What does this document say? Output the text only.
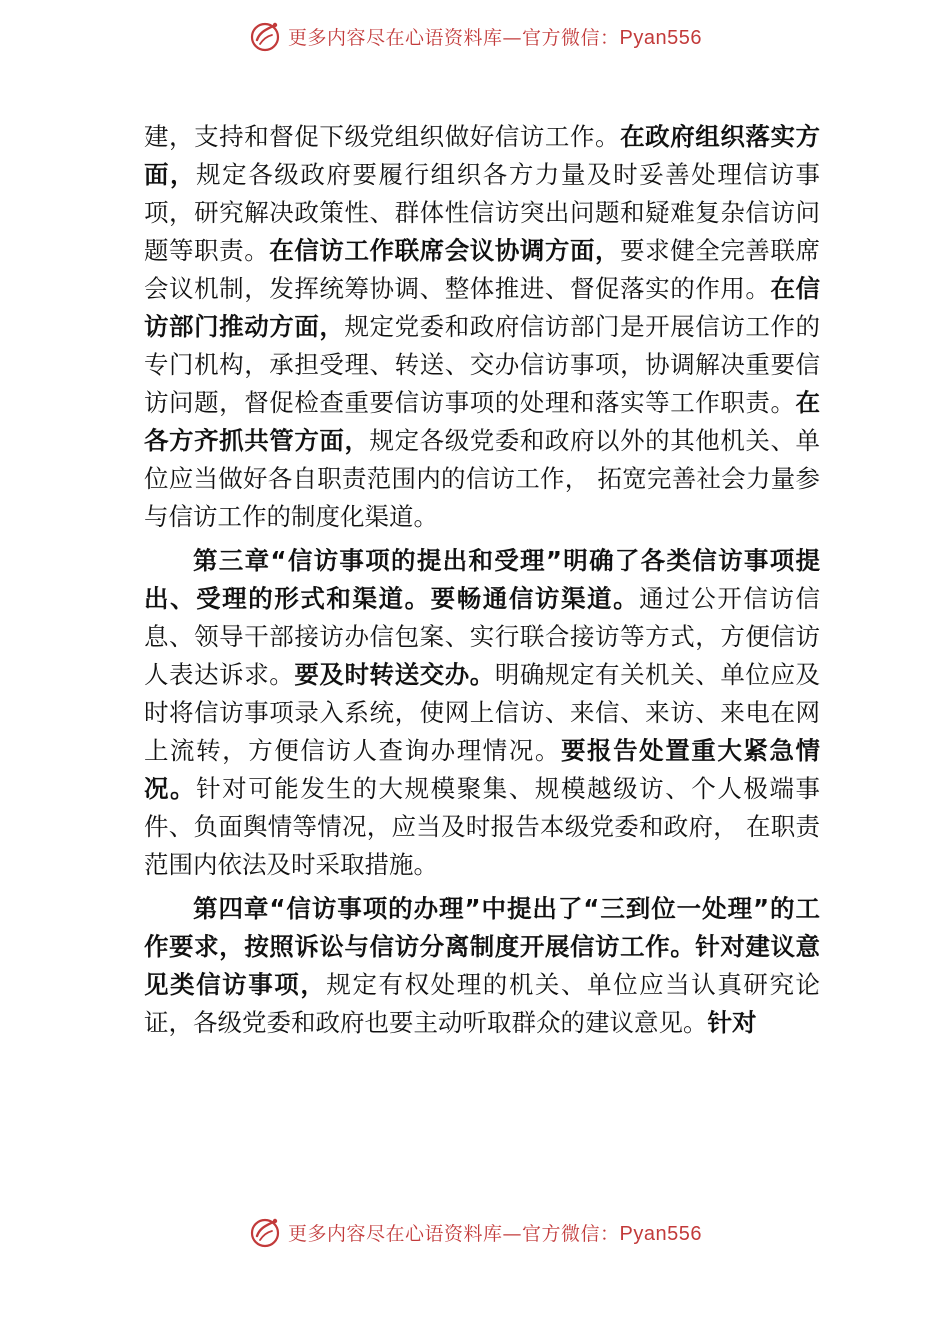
更多内容尽在心语资料库—官方微信：Pyan556

建，支持和督促下级党组织做好信访工作。在政府组织落实方面，规定各级政府要履行组织各方力量及时妥善处理信访事项，研究解决政策性、群体性信访突出问题和疑难复杂信访问题等职责。在信访工作联席会议协调方面，要求健全完善联席会议机制，发挥统筹协调、整体推进、督促落实的作用。在信访部门推动方面，规定党委和政府信访部门是开展信访工作的专门机构，承担受理、转送、交办信访事项，协调解决重要信访问题，督促检查重要信访事项的处理和落实等工作职责。在各方齐抓共管方面，规定各级党委和政府以外的其他机关、单位应当做好各自职责范围内的信访工作， 拓宽完善社会力量参与信访工作的制度化渠道。

第三章“信访事项的提出和受理”明确了各类信访事项提出、受理的形式和渠道。要畅通信访渠道。通过公开信访信息、领导干部接访办信包案、实行联合接访等方式，方便信访人表达诉求。要及时转送交办。明确规定有关机关、单位应及时将信访事项录入系统，使网上信访、来信、来访、来电在网上流转，方便信访人查询办理情况。要报告处置重大紧急情况。针对可能发生的大规模聚集、规模越级访、个人极端事件、负面舆情等情况，应当及时报告本级党委和政府， 在职责范围内依法及时采取措施。

第四章“信访事项的办理”中提出了“三到位一处理”的工作要求，按照诉讼与信访分离制度开展信访工作。针对建议意见类信访事项，规定有权处理的机关、单位应当认真研究论证，各级党委和政府也要主动听取群众的建议意见。针对

更多内容尽在心语资料库—官方微信：Pyan556
